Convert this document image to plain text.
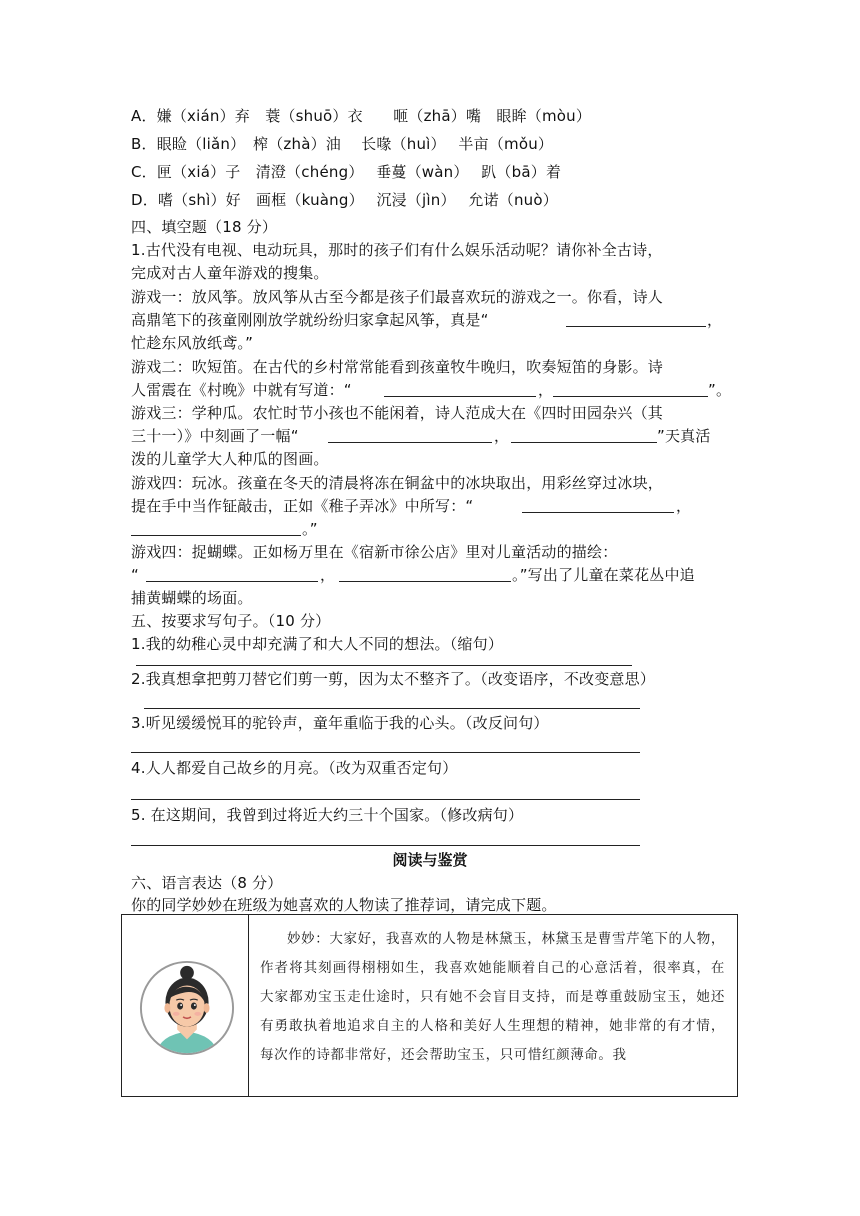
A．嫌（xián）弃　蓑（shuō）衣　　咂（zhā）嘴　眼眸（mòu）
B．眼睑（liǎn）　榨（zhà）油　 长喙（huì）　 半亩（mǒu）
C．匣（xiá）子　清澄（chéng）　 垂蔓（wàn）　 趴（bā）着
D．嗜（shì）好　画框（kuàng）　 沉浸（jìn）　 允诺（nuò）
四、填空题（18 分）
1.古代没有电视、电动玩具，那时的孩子们有什么娱乐活动呢？请你补全古诗，
完成对古人童年游戏的搜集。
游戏一：放风筝。放风筝从古至今都是孩子们最喜欢玩的游戏之一。你看，诗人
高鼎笔下的孩童刚刚放学就纷纷归家拿起风筝，真是“	，
忙趁东风放纸鸢。”
游戏二：吹短笛。在古代的乡村常常能看到孩童牧牛晚归，吹奏短笛的身影。诗
人雷震在《村晚》中就有写道：“	，	”。
游戏三：学种瓜。农忙时节小孩也不能闲着，诗人范成大在《四时田园杂兴（其
三十一）》中刻画了一幅“	，	”天真活
泼的儿童学大人种瓜的图画。
游戏四：玩冰。孩童在冬天的清晨将冻在铜盆中的冰块取出，用彩丝穿过冰块，
提在手中当作钲敲击，正如《稚子弄冰》中所写：“	，
。”
游戏四：捉蝴蝶。正如杨万里在《宿新市徐公店》里对儿童活动的描绘：
“	，	。”写出了儿童在菜花丛中追
捕黄蝴蝶的场面。
五、按要求写句子。（10 分）
1.我的幼稚心灵中却充满了和大人不同的想法。（缩句）
2.我真想拿把剪刀替它们剪一剪，因为太不整齐了。（改变语序，不改变意思）
3.听见缓缓悦耳的驼铃声，童年重临于我的心头。（改反问句）
4.人人都爱自己故乡的月亮。（改为双重否定句）
5. 在这期间，我曾到过将近大约三十个国家。（修改病句）
阅读与鉴赏
六、语言表达（8 分）
你的同学妙妙在班级为她喜欢的人物读了推荐词，请完成下题。
妙妙：大家好，我喜欢的人物是林黛玉，林黛玉是曹雪芹笔下的人物，作者将其刻画得栩栩如生，我喜欢她能顺着自己的心意活着，很率真，在大家都劝宝玉走仕途时，只有她不会盲目支持，而是尊重鼓励宝玉，她还有勇敢执着地追求自主的人格和美好人生理想的精神，她非常的有才情，每次作的诗都非常好，还会帮助宝玉，只可惜红颜薄命。我
